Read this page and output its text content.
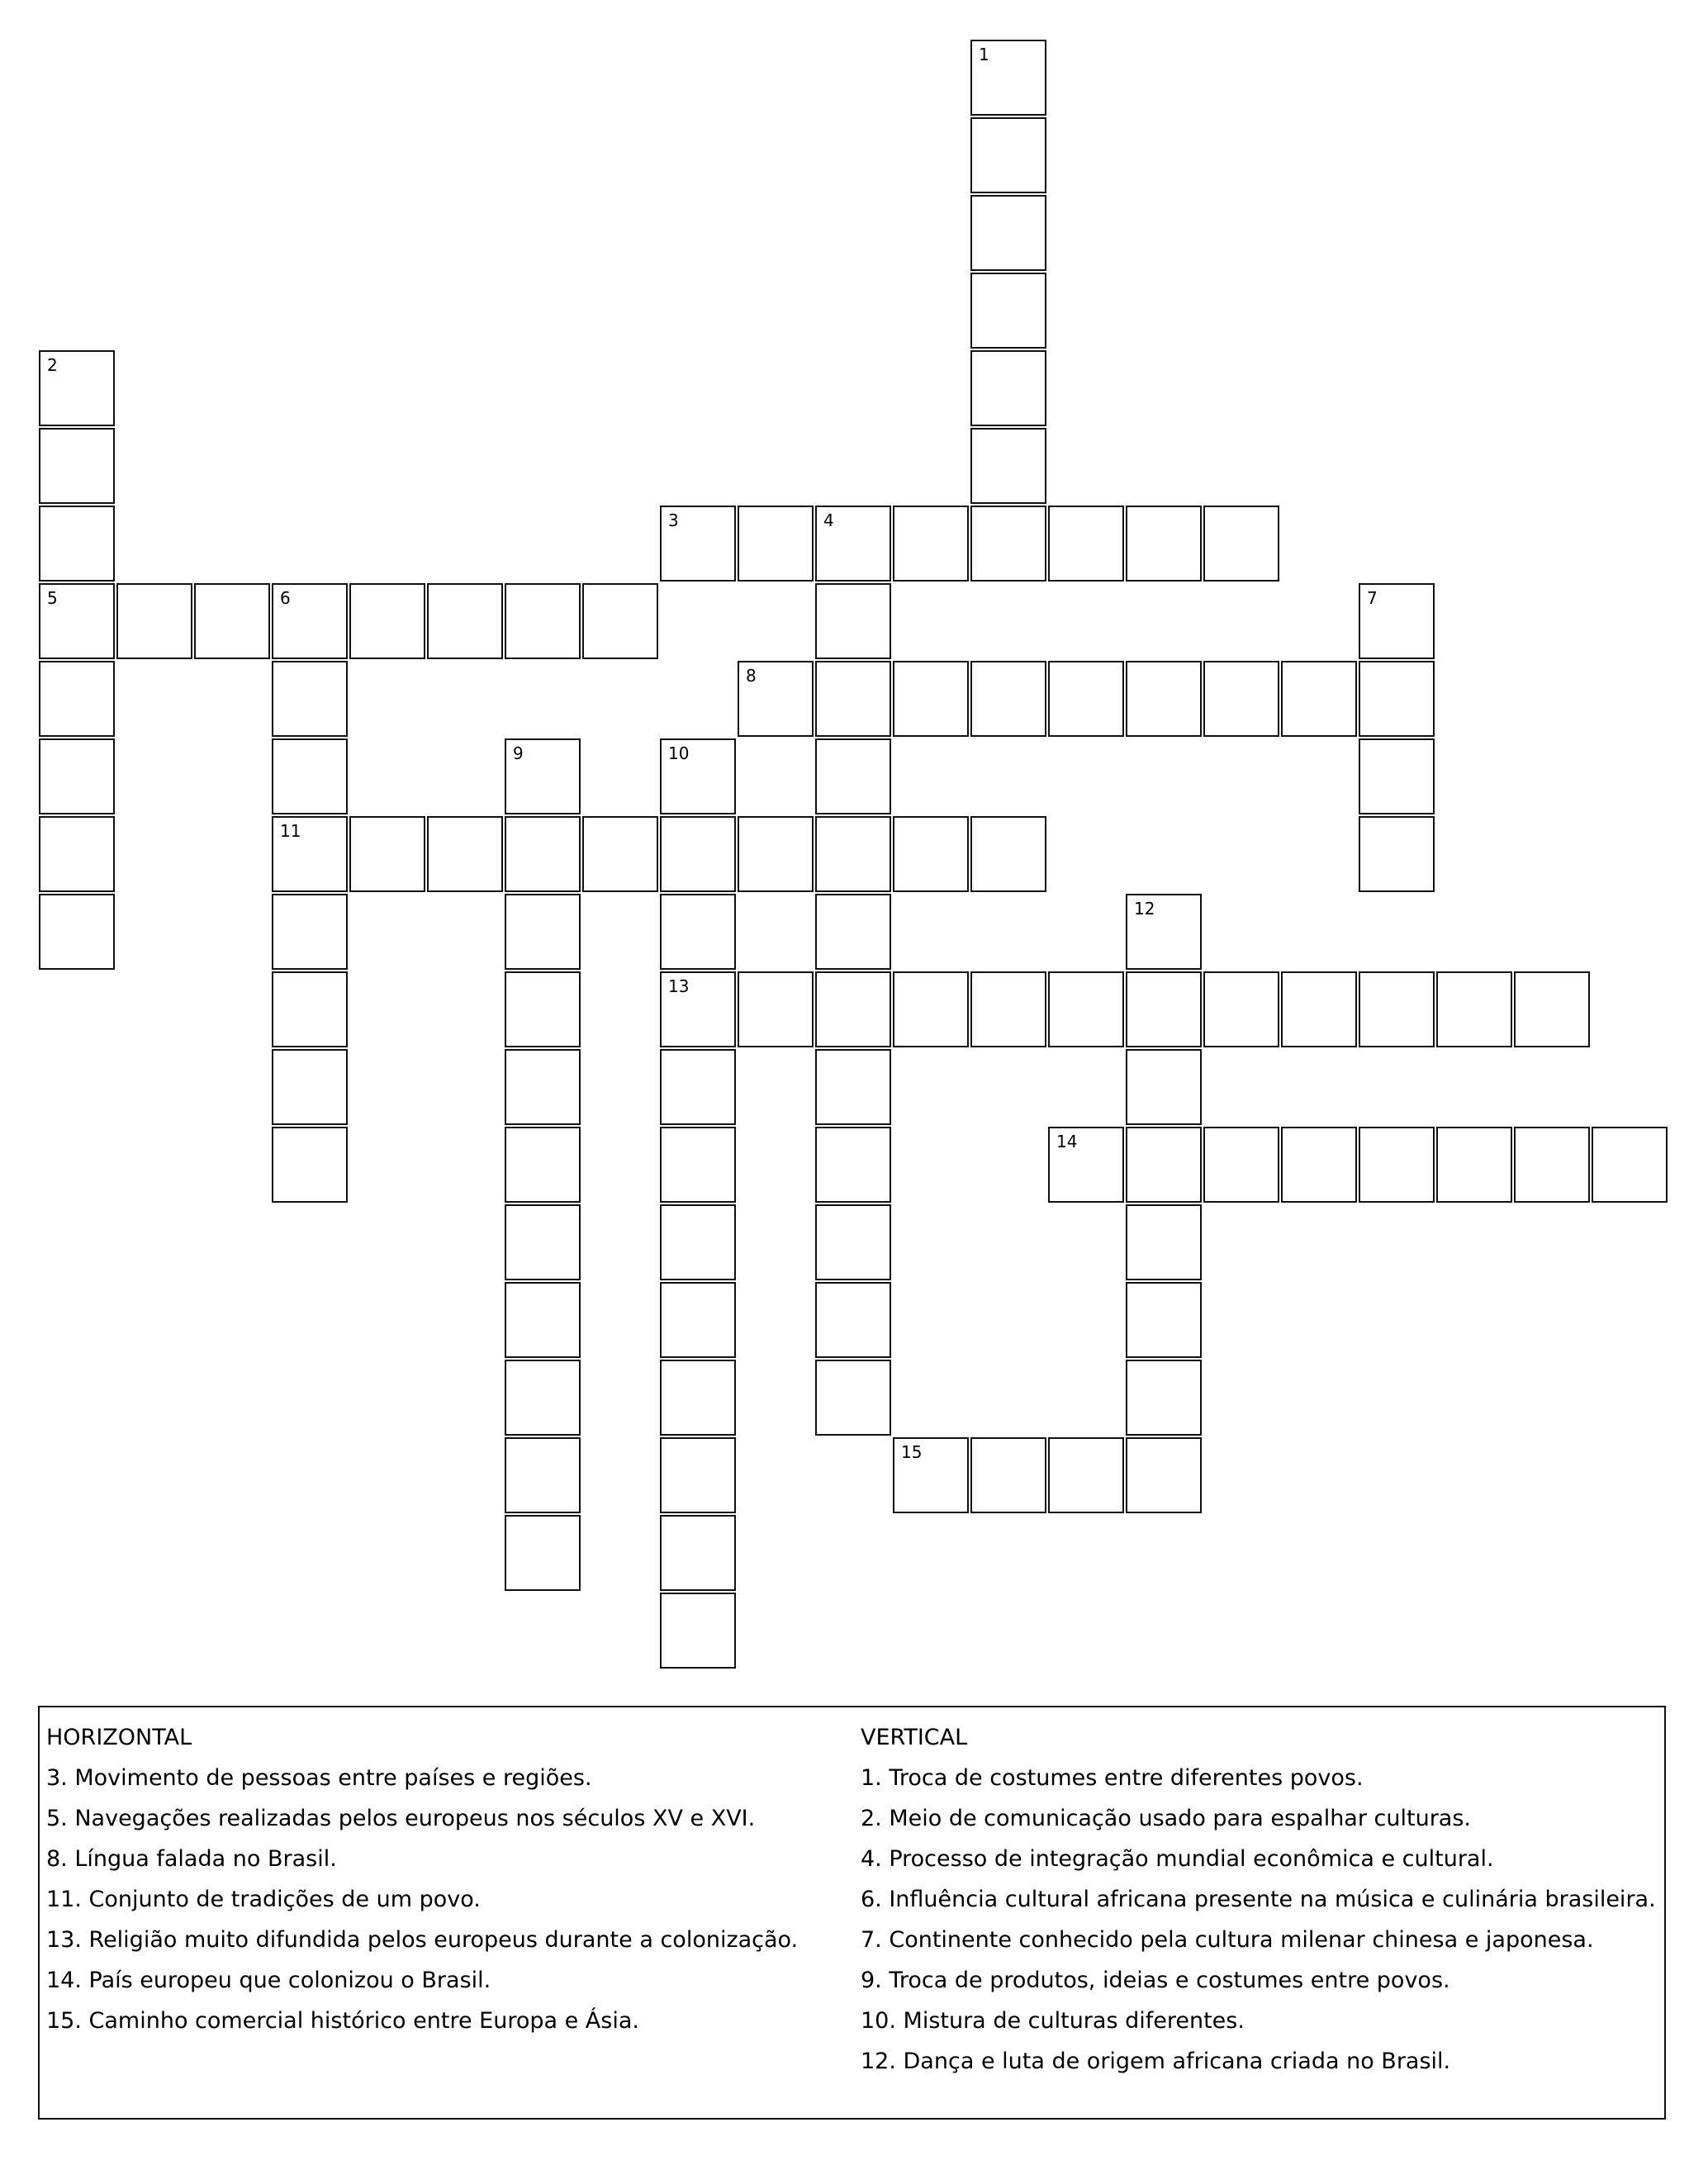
1
2
5
3	4
6
11
7
8
9	10
13
12
14
15
HORIZONTAL
3. Movimento de pessoas entre países e regiões.
5. Navegações realizadas pelos europeus nos séculos XV e XVI.
8. Língua falada no Brasil.
11. Conjunto de tradições de um povo.
13. Religião muito difundida pelos europeus durante a colonização.
14. País europeu que colonizou o Brasil.
15. Caminho comercial histórico entre Europa e Ásia.
VERTICAL
1. Troca de costumes entre diferentes povos.
2. Meio de comunicação usado para espalhar culturas.
4. Processo de integração mundial econômica e cultural.
6. Influência cultural africana presente na música e culinária brasileira.
7. Continente conhecido pela cultura milenar chinesa e japonesa.
9. Troca de produtos, ideias e costumes entre povos.
10. Mistura de culturas diferentes.
12. Dança e luta de origem africana criada no Brasil.
